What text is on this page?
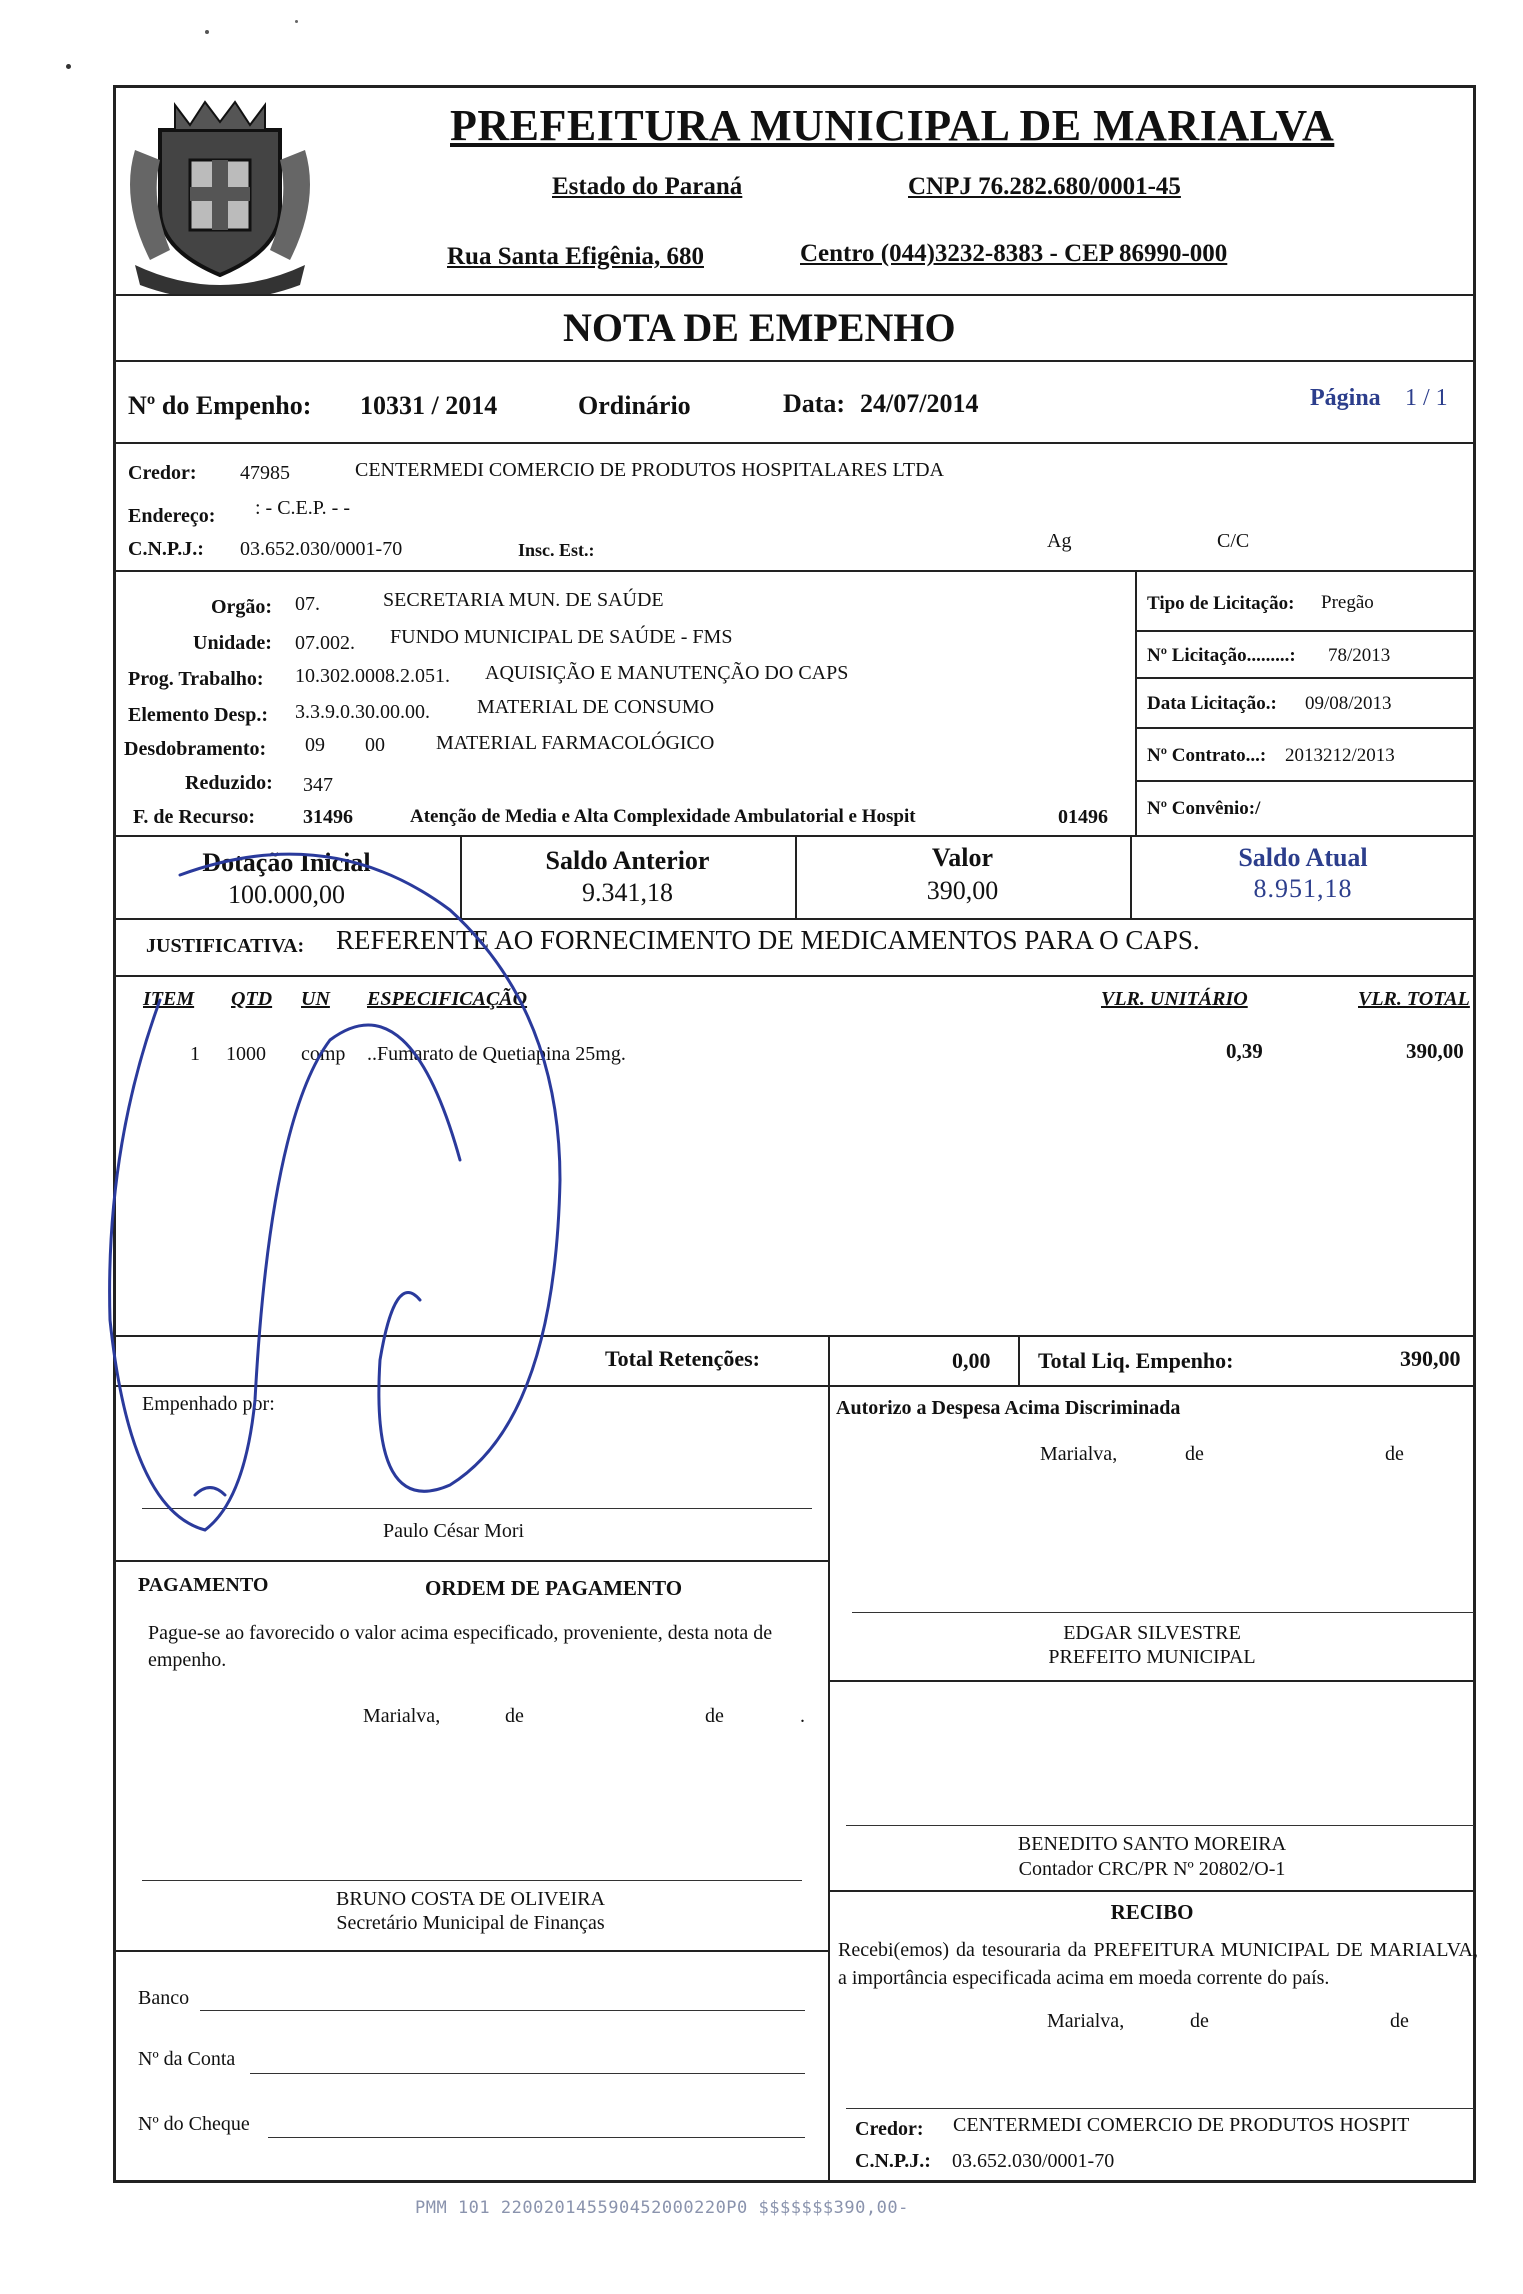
PREFEITURA MUNICIPAL DE MARIALVA
Estado do Paraná	CNPJ 76.282.680/0001-45
Rua Santa Efigênia, 680	Centro (044)3232-8383 - CEP 86990-000
NOTA DE EMPENHO
Nº do Empenho: 10331 / 2014	Ordinário	Data: 24/07/2014	Página 1 / 1
Credor: 47985	CENTERMEDI COMERCIO DE PRODUTOS HOSPITALARES LTDA
Endereço: : - C.E.P. - -
C.N.P.J.: 03.652.030/0001-70	Insc. Est.:	Ag	C/C
Orgão: 07.	SECRETARIA MUN. DE SAÚDE
Unidade: 07.002. FUNDO MUNICIPAL DE SAÚDE - FMS
Prog. Trabalho: 10.302.0008.2.051. AQUISIÇÃO E MANUTENÇÃO DO CAPS
Elemento Desp.: 3.3.9.0.30.00.00. MATERIAL DE CONSUMO
Desdobramento: 09 00	MATERIAL FARMACOLÓGICO
Reduzido: 347
F. de Recurso: 31496	Atenção de Media e Alta Complexidade Ambulatorial e Hospit	01496
Tipo de Licitação: Pregão
Nº Licitação.........: 78/2013
Data Licitação.: 09/08/2013
Nº Contrato...: 2013212/2013
Nº Convênio:/
Dotação Inicial
100.000,00
Saldo Anterior
9.341,18
Valor
390,00
Saldo Atual
8.951,18
JUSTIFICATIVA: REFERENTE AO FORNECIMENTO DE MEDICAMENTOS PARA O CAPS.
ITEM QTD UN ESPECIFICAÇÃO	VLR. UNITÁRIO	VLR. TOTAL
1 1000 comp ..Fumarato de Quetiapina 25mg.	0,39	390,00
Total Retenções:	0,00 Total Liq. Empenho:	390,00
Empenhado por:
Paulo César Mori
Autorizo a Despesa Acima Discriminada
Marialva,	de	de
EDGAR SILVESTRE
PREFEITO MUNICIPAL
PAGAMENTO	ORDEM DE PAGAMENTO
Pague-se ao favorecido o valor acima especificado, proveniente, desta nota de empenho.
Marialva,	de	de	.
BRUNO COSTA DE OLIVEIRA
Secretário Municipal de Finanças
BENEDITO SANTO MOREIRA
Contador CRC/PR Nº 20802/O-1
RECIBO
Recebi(emos) da tesouraria da PREFEITURA MUNICIPAL DE MARIALVA, a importância especificada acima em moeda corrente do país.
Marialva,	de	de
Credor: CENTERMEDI COMERCIO DE PRODUTOS HOSPIT
C.N.P.J.: 03.652.030/0001-70
Banco
Nº da Conta
Nº do Cheque
PMM 101 220020145590452000220P0 $$$$$$$390,00-
